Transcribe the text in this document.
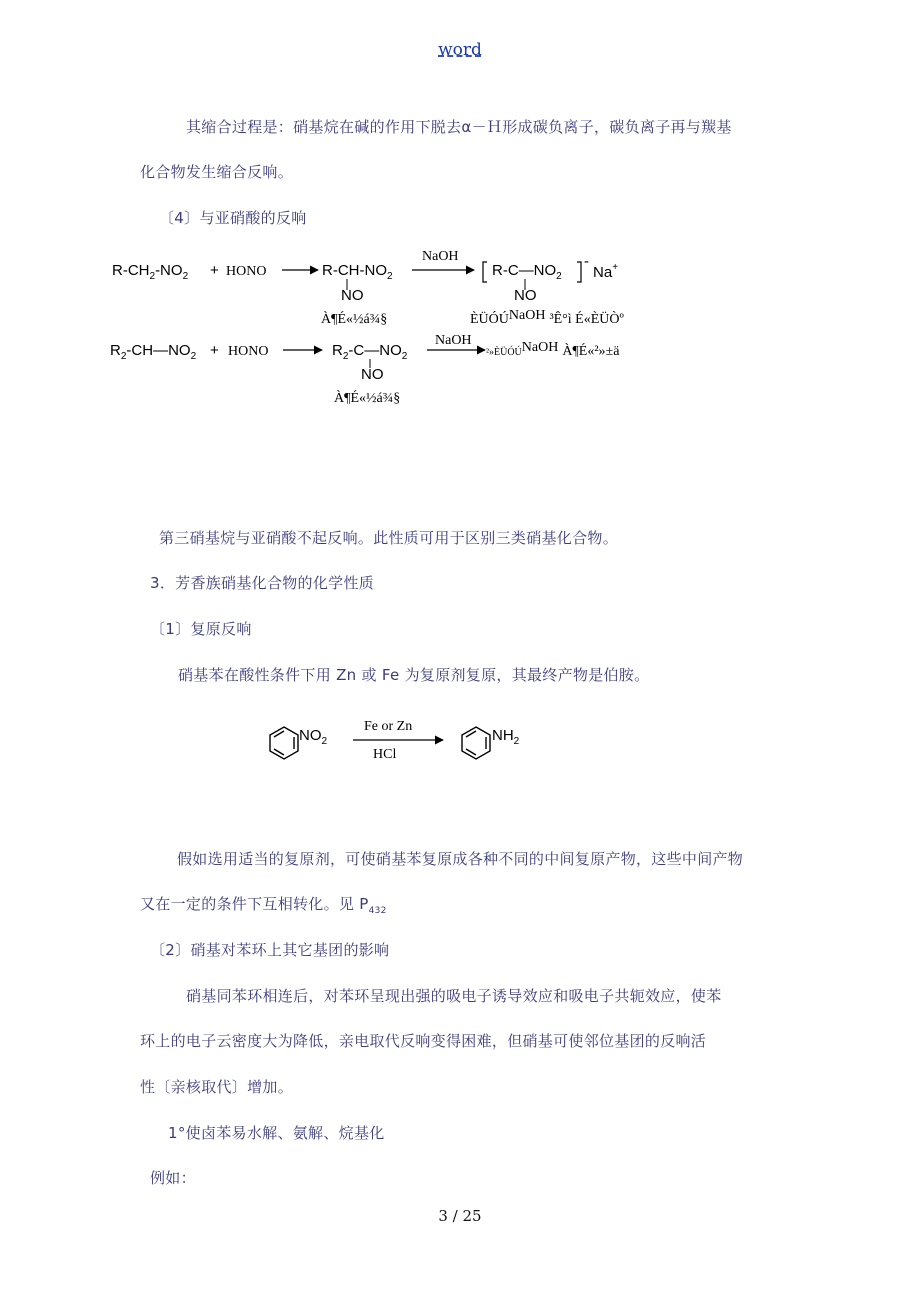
word
其缩合过程是：硝基烷在碱的作用下脱去α－Ｈ形成碳负离子，碳负离子再与羰基
化合物发生缩合反响。
〔4〕与亚硝酸的反响
$R-CH_2-NO_2$ + HONO	$R-CH-NO_2$
NO
À¶É«½á¾§
NaOH
$R-C—NO_2$
-
Na+
NO
ÈÜÓÚNaOH ³Ê°ì É«ÈÜÒº
$R_2-CH—NO_2$ + HONO	$R_2-C—NO_2$
NO
À¶É«½á¾§
NaOH
²»ÈÜÓÚNaOH À¶É«²»±ä
第三硝基烷与亚硝酸不起反响。此性质可用于区别三类硝基化合物。
3．芳香族硝基化合物的化学性质
〔1〕复原反响
硝基苯在酸性条件下用 Zn 或 Fe 为复原剂复原，其最终产物是伯胺。
$NO_2$
Fe or Zn
HCl
$NH_2$
假如选用适当的复原剂，可使硝基苯复原成各种不同的中间复原产物，这些中间产物
又在一定的条件下互相转化。见 $P_{432}$
〔2〕硝基对苯环上其它基团的影响
硝基同苯环相连后，对苯环呈现出强的吸电子诱导效应和吸电子共轭效应，使苯
环上的电子云密度大为降低，亲电取代反响变得困难，但硝基可使邻位基团的反响活
性〔亲核取代〕增加。
1°使卤苯易水解、氨解、烷基化
例如：
3 / 25
